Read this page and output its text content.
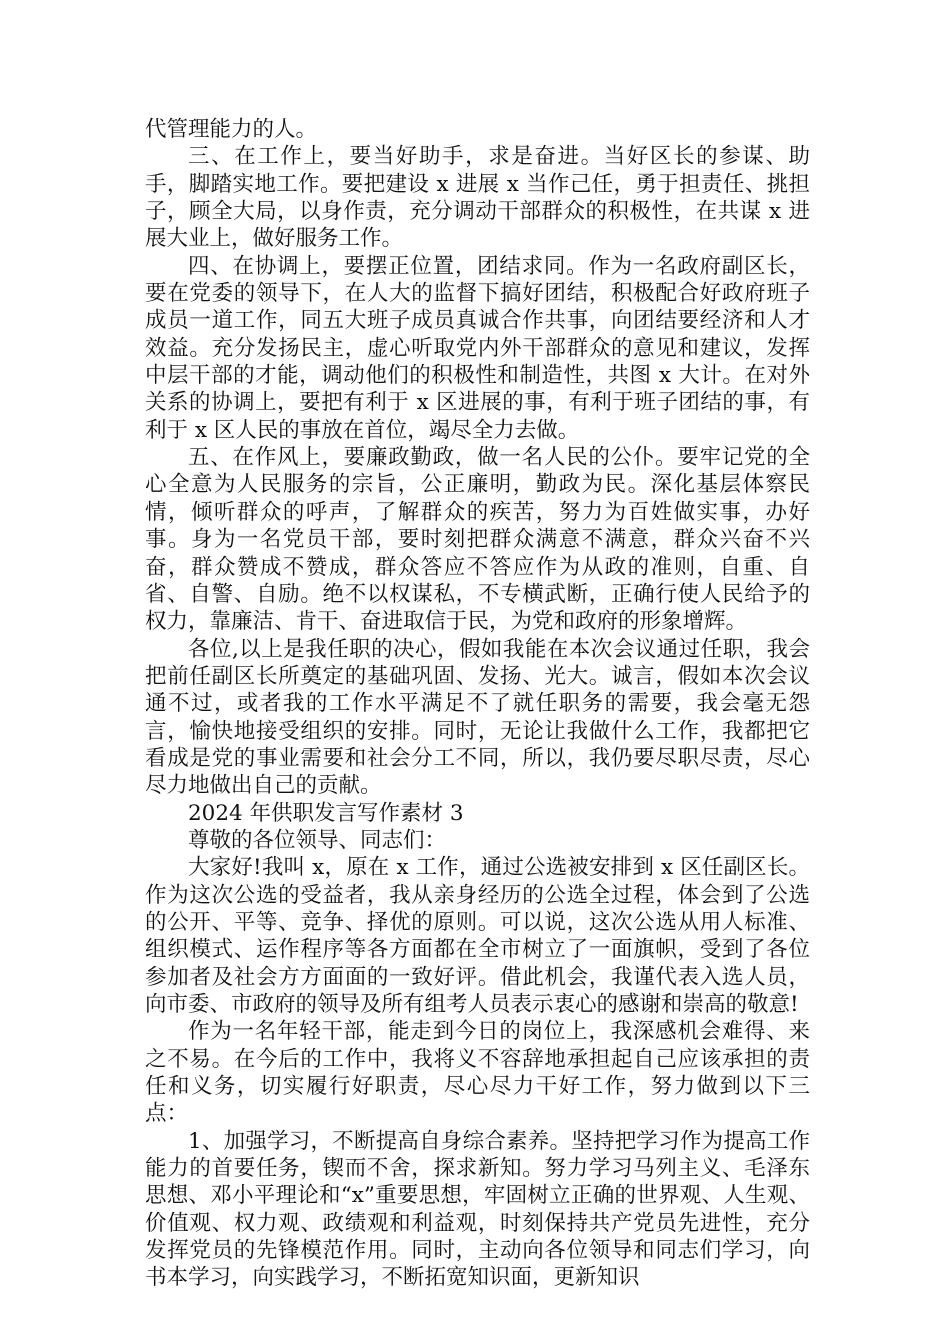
代管理能力的人。

三、在工作上，要当好助手，求是奋进。当好区长的参谋、助手，脚踏实地工作。要把建设 x 进展 x 当作己任，勇于担责任、挑担子，顾全大局，以身作责，充分调动干部群众的积极性，在共谋 x 进展大业上，做好服务工作。

四、在协调上，要摆正位置，团结求同。作为一名政府副区长，要在党委的领导下，在人大的监督下搞好团结，积极配合好政府班子成员一道工作，同五大班子成员真诚合作共事，向团结要经济和人才效益。充分发扬民主，虚心听取党内外干部群众的意见和建议，发挥中层干部的才能，调动他们的积极性和制造性，共图 x 大计。在对外关系的协调上，要把有利于 x 区进展的事，有利于班子团结的事，有利于 x 区人民的事放在首位，竭尽全力去做。

五、在作风上，要廉政勤政，做一名人民的公仆。要牢记党的全心全意为人民服务的宗旨，公正廉明，勤政为民。深化基层体察民情，倾听群众的呼声，了解群众的疾苦，努力为百姓做实事，办好事。身为一名党员干部，要时刻把群众满意不满意，群众兴奋不兴奋，群众赞成不赞成，群众答应不答应作为从政的准则，自重、自省、自警、自励。绝不以权谋私，不专横武断，正确行使人民给予的权力，靠廉洁、肯干、奋进取信于民，为党和政府的形象增辉。

各位,以上是我任职的决心，假如我能在本次会议通过任职，我会把前任副区长所奠定的基础巩固、发扬、光大。诚言，假如本次会议通不过，或者我的工作水平满足不了就任职务的需要，我会毫无怨言，愉快地接受组织的安排。同时，无论让我做什么工作，我都把它看成是党的事业需要和社会分工不同，所以，我仍要尽职尽责，尽心尽力地做出自己的贡献。

2024 年供职发言写作素材 3

尊敬的各位领导、同志们：

大家好!我叫 x，原在 x 工作，通过公选被安排到 x 区任副区长。作为这次公选的受益者，我从亲身经历的公选全过程，体会到了公选的公开、平等、竞争、择优的原则。可以说，这次公选从用人标准、组织模式、运作程序等各方面都在全市树立了一面旗帜，受到了各位参加者及社会方方面面的一致好评。借此机会，我谨代表入选人员，向市委、市政府的领导及所有组考人员表示衷心的感谢和崇高的敬意!

作为一名年轻干部，能走到今日的岗位上，我深感机会难得、来之不易。在今后的工作中，我将义不容辞地承担起自己应该承担的责任和义务，切实履行好职责，尽心尽力干好工作，努力做到以下三点：

1、加强学习，不断提高自身综合素养。坚持把学习作为提高工作能力的首要任务，锲而不舍，探求新知。努力学习马列主义、毛泽东思想、邓小平理论和“x”重要思想，牢固树立正确的世界观、人生观、价值观、权力观、政绩观和利益观，时刻保持共产党员先进性，充分发挥党员的先锋模范作用。同时，主动向各位领导和同志们学习，向书本学习，向实践学习，不断拓宽知识面，更新知识
